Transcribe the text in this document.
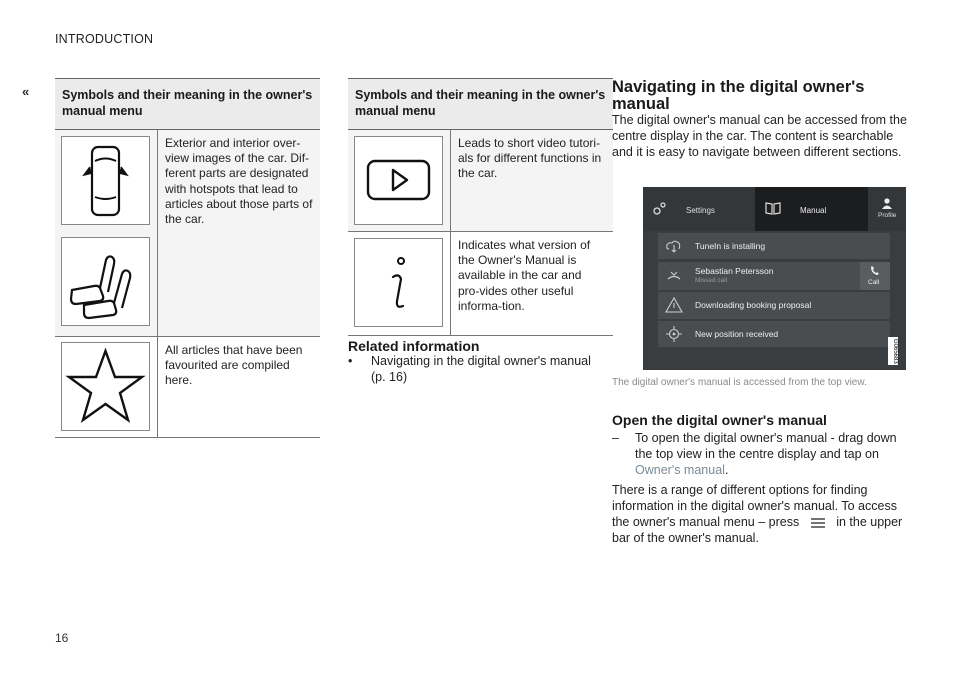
INTRODUCTION
«	Symbols and their meaning in the owner's manual menu	

	Exterior and interior over-view images of the car. Dif-ferent parts are designated with hotspots that lead to articles about those parts of the car.

	All articles that have been favourited are compiled here.
Symbols and their meaning in the owner's manual menu	

	Leads to short video tutori-als for different functions in the car.

	Indicates what version of the Owner's Manual is available in the car and pro-vides other useful informa-tion.
Related information
• Navigating in the digital owner's manual (p. 16)
Navigating in the digital owner's manual
The digital owner's manual can be accessed from the centre display in the car. The content is searchable and it is easy to navigate between different sections.
Settings	Manual
Profile
TuneIn is installing
Sebastian Petersson
Missed call	Call
Downloading booking proposal
New position received
G065683
The digital owner's manual is accessed from the top view.
Open the digital owner's manual
– To open the digital owner's manual - drag down the top view in the centre display and tap on Owner's manual.
There is a range of different options for finding information in the digital owner's manual. To access the owner's manual menu – press	in the upper bar of the owner's manual.
16
